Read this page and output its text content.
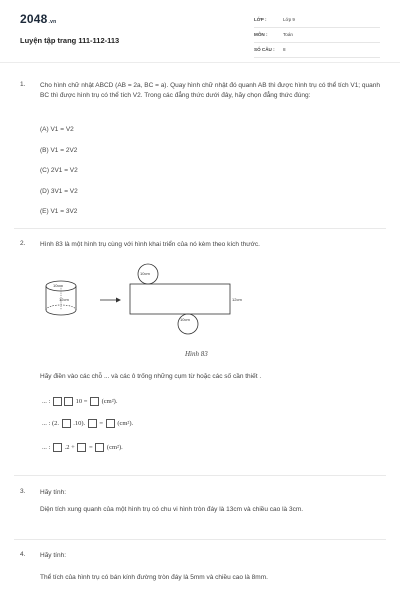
2048.vn
Luyện tập trang 111-112-113
LỚP :	Lớp 9
MÔN :	Toán
SỐ CÂU : 8
1. Cho hình chữ nhật ABCD (AB = 2a, BC = a). Quay hình chữ nhật đó quanh AB thì được hình trụ có thể tích V1; quanh BC thì được hình trụ có thể tích V2. Trong các đẳng thức dưới đây, hãy chọn đẳng thức đúng:
(A) V1 = V2
(B) V1 = 2V2
(C) 2V1 = V2
(D) 3V1 = V2
(E) V1 = 3V2
2. Hình 83 là một hình trụ cùng với hình khai triển của nó kèm theo kích thước.
10cm
12cm
10cm
12cm
10cm
Hình 83
Hãy điền vào các chỗ ... và các ô trống những cụm từ hoặc các số cần thiết .
... :	10 = (cm²).
... : (2. .10). = (cm²).
... : .2 + = (cm²).
3. Hãy tính:
Diện tích xung quanh của một hình trụ có chu vi hình tròn đáy là 13cm và chiều cao là 3cm.
4. Hãy tính:
Thể tích của hình trụ có bán kính đường tròn đáy là 5mm và chiều cao là 8mm.
